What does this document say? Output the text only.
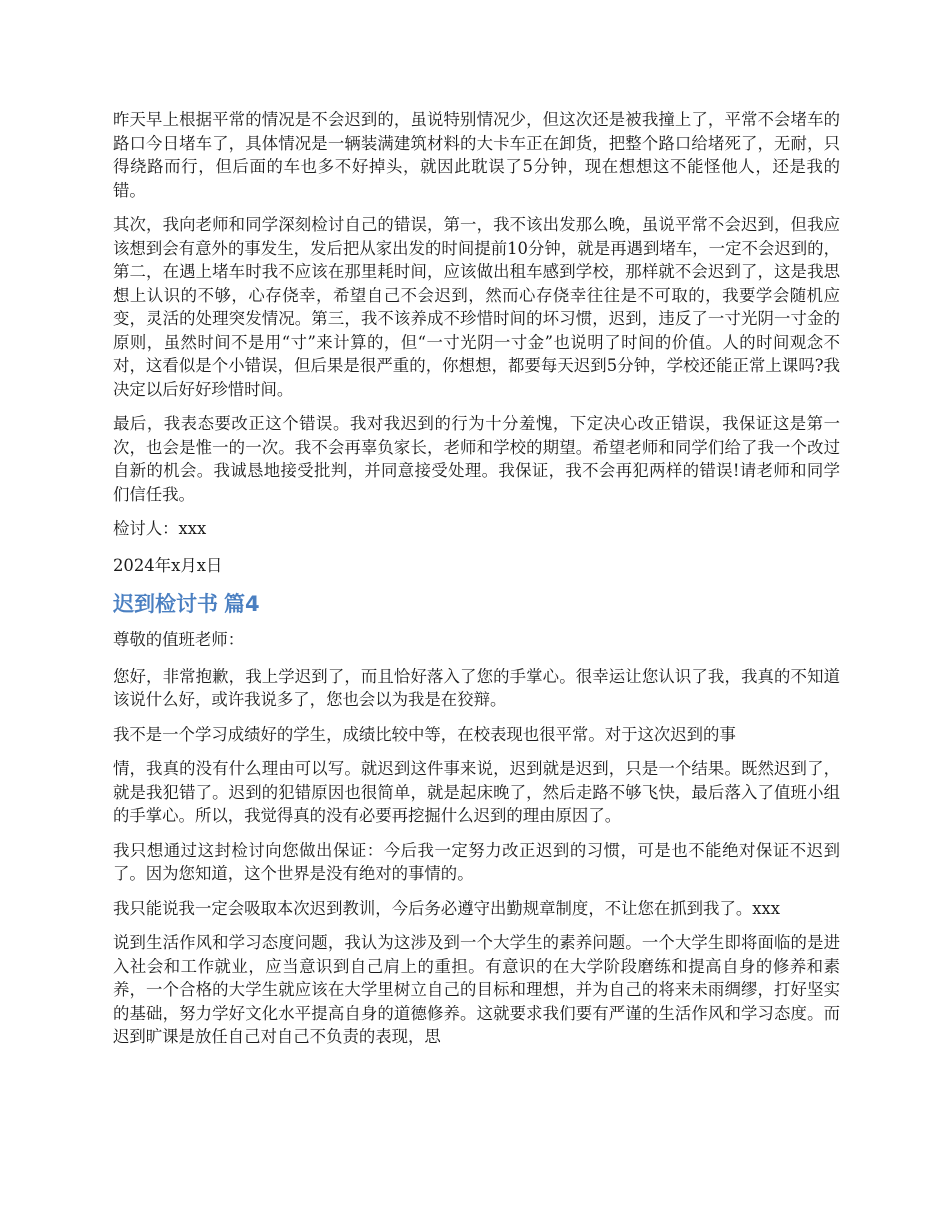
昨天早上根据平常的情况是不会迟到的，虽说特别情况少，但这次还是被我撞上了，平常不会堵车的路口今日堵车了，具体情况是一辆装满建筑材料的大卡车正在卸货，把整个路口给堵死了，无耐，只得绕路而行，但后面的车也多不好掉头，就因此耽误了5分钟，现在想想这不能怪他人，还是我的错。

其次，我向老师和同学深刻检讨自己的错误，第一，我不该出发那么晚，虽说平常不会迟到，但我应该想到会有意外的事发生，发后把从家出发的时间提前10分钟，就是再遇到堵车，一定不会迟到的，第二，在遇上堵车时我不应该在那里耗时间，应该做出租车感到学校，那样就不会迟到了，这是我思想上认识的不够，心存侥幸，希望自己不会迟到，然而心存侥幸往往是不可取的，我要学会随机应变，灵活的处理突发情况。第三，我不该养成不珍惜时间的坏习惯，迟到，违反了一寸光阴一寸金的原则，虽然时间不是用“寸”来计算的，但“一寸光阴一寸金”也说明了时间的价值。人的时间观念不对，这看似是个小错误，但后果是很严重的，你想想，都要每天迟到5分钟，学校还能正常上课吗?我决定以后好好珍惜时间。

最后，我表态要改正这个错误。我对我迟到的行为十分羞愧，下定决心改正错误，我保证这是第一次，也会是惟一的一次。我不会再辜负家长，老师和学校的期望。希望老师和同学们给了我一个改过自新的机会。我诚恳地接受批判，并同意接受处理。我保证，我不会再犯两样的错误!请老师和同学们信任我。

检讨人：xxx

2024年x月x日

迟到检讨书 篇4

尊敬的值班老师：

您好，非常抱歉，我上学迟到了，而且恰好落入了您的手掌心。很幸运让您认识了我，我真的不知道该说什么好，或许我说多了，您也会以为我是在狡辩。

我不是一个学习成绩好的学生，成绩比较中等，在校表现也很平常。对于这次迟到的事

情，我真的没有什么理由可以写。就迟到这件事来说，迟到就是迟到，只是一个结果。既然迟到了，就是我犯错了。迟到的犯错原因也很简单，就是起床晚了，然后走路不够飞快，最后落入了值班小组的手掌心。所以，我觉得真的没有必要再挖掘什么迟到的理由原因了。

我只想通过这封检讨向您做出保证：今后我一定努力改正迟到的习惯，可是也不能绝对保证不迟到了。因为您知道，这个世界是没有绝对的事情的。

我只能说我一定会吸取本次迟到教训，今后务必遵守出勤规章制度，不让您在抓到我了。xxx

说到生活作风和学习态度问题，我认为这涉及到一个大学生的素养问题。一个大学生即将面临的是进入社会和工作就业，应当意识到自己肩上的重担。有意识的在大学阶段磨练和提高自身的修养和素养，一个合格的大学生就应该在大学里树立自己的目标和理想，并为自己的将来未雨绸缪，打好坚实的基础，努力学好文化水平提高自身的道德修养。这就要求我们要有严谨的生活作风和学习态度。而迟到旷课是放任自己对自己不负责的表现，思
